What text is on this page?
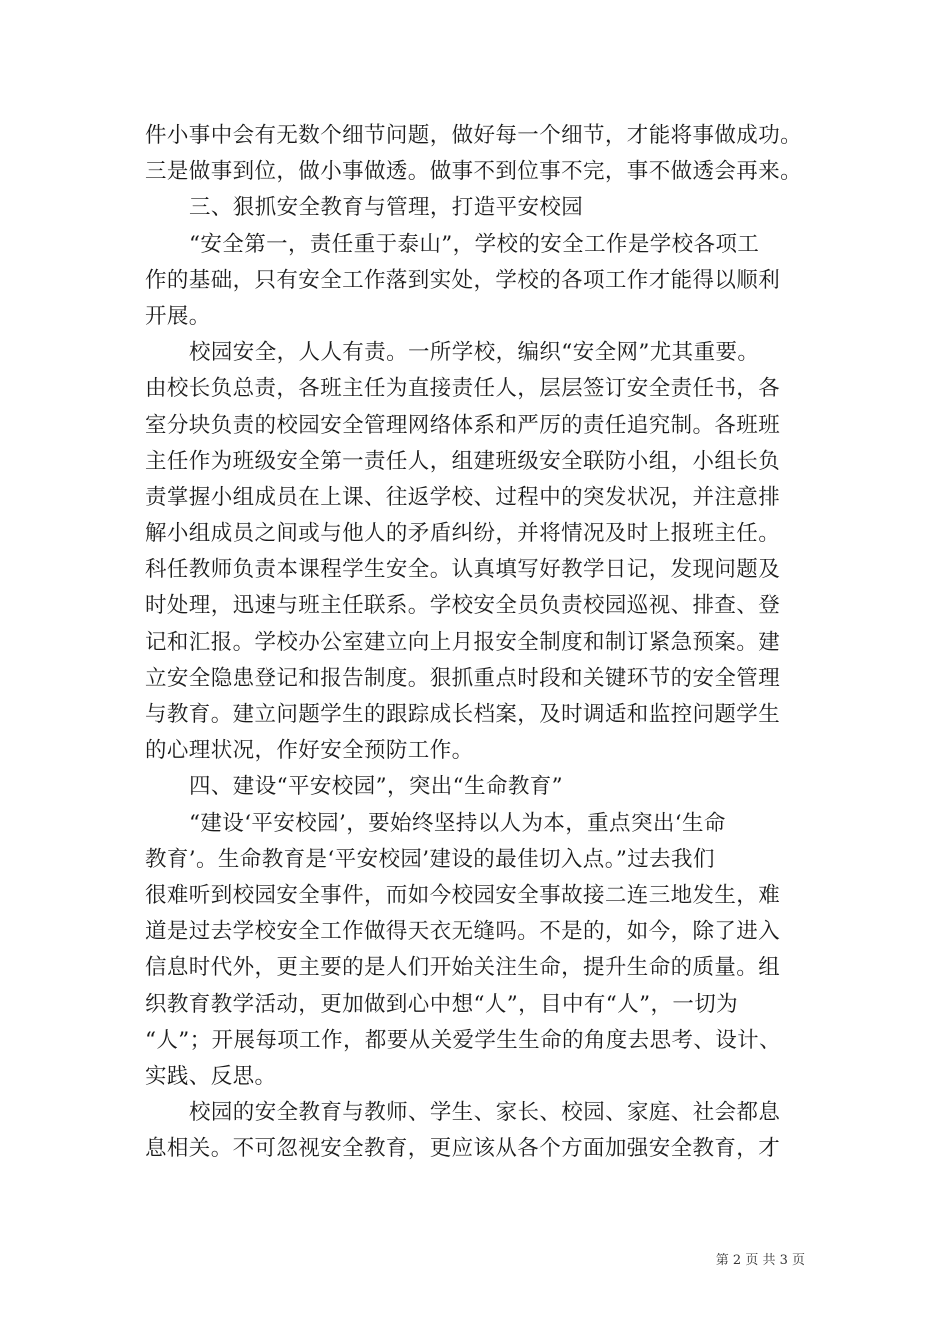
件小事中会有无数个细节问题，做好每一个细节，才能将事做成功。
三是做事到位，做小事做透。做事不到位事不完，事不做透会再来。
三、狠抓安全教育与管理，打造平安校园
“安全第一，责任重于泰山”，学校的安全工作是学校各项工
作的基础，只有安全工作落到实处，学校的各项工作才能得以顺利
开展。
校园安全，人人有责。一所学校，编织“安全网”尤其重要。
由校长负总责，各班主任为直接责任人，层层签订安全责任书，各
室分块负责的校园安全管理网络体系和严厉的责任追究制。各班班
主任作为班级安全第一责任人，组建班级安全联防小组，小组长负
责掌握小组成员在上课、往返学校、过程中的突发状况，并注意排
解小组成员之间或与他人的矛盾纠纷，并将情况及时上报班主任。
科任教师负责本课程学生安全。认真填写好教学日记，发现问题及
时处理，迅速与班主任联系。学校安全员负责校园巡视、排查、登
记和汇报。学校办公室建立向上月报安全制度和制订紧急预案。建
立安全隐患登记和报告制度。狠抓重点时段和关键环节的安全管理
与教育。建立问题学生的跟踪成长档案，及时调适和监控问题学生
的心理状况，作好安全预防工作。
四、建设“平安校园”，突出“生命教育”
“建设‘平安校园’，要始终坚持以人为本，重点突出‘生命
教育’。生命教育是‘平安校园’建设的最佳切入点。”过去我们
很难听到校园安全事件，而如今校园安全事故接二连三地发生，难
道是过去学校安全工作做得天衣无缝吗。不是的，如今，除了进入
信息时代外，更主要的是人们开始关注生命，提升生命的质量。组
织教育教学活动，更加做到心中想“人”，目中有“人”，一切为
“人”；开展每项工作，都要从关爱学生生命的角度去思考、设计、
实践、反思。
校园的安全教育与教师、学生、家长、校园、家庭、社会都息
息相关。不可忽视安全教育，更应该从各个方面加强安全教育，才
第 2 页 共 3 页
